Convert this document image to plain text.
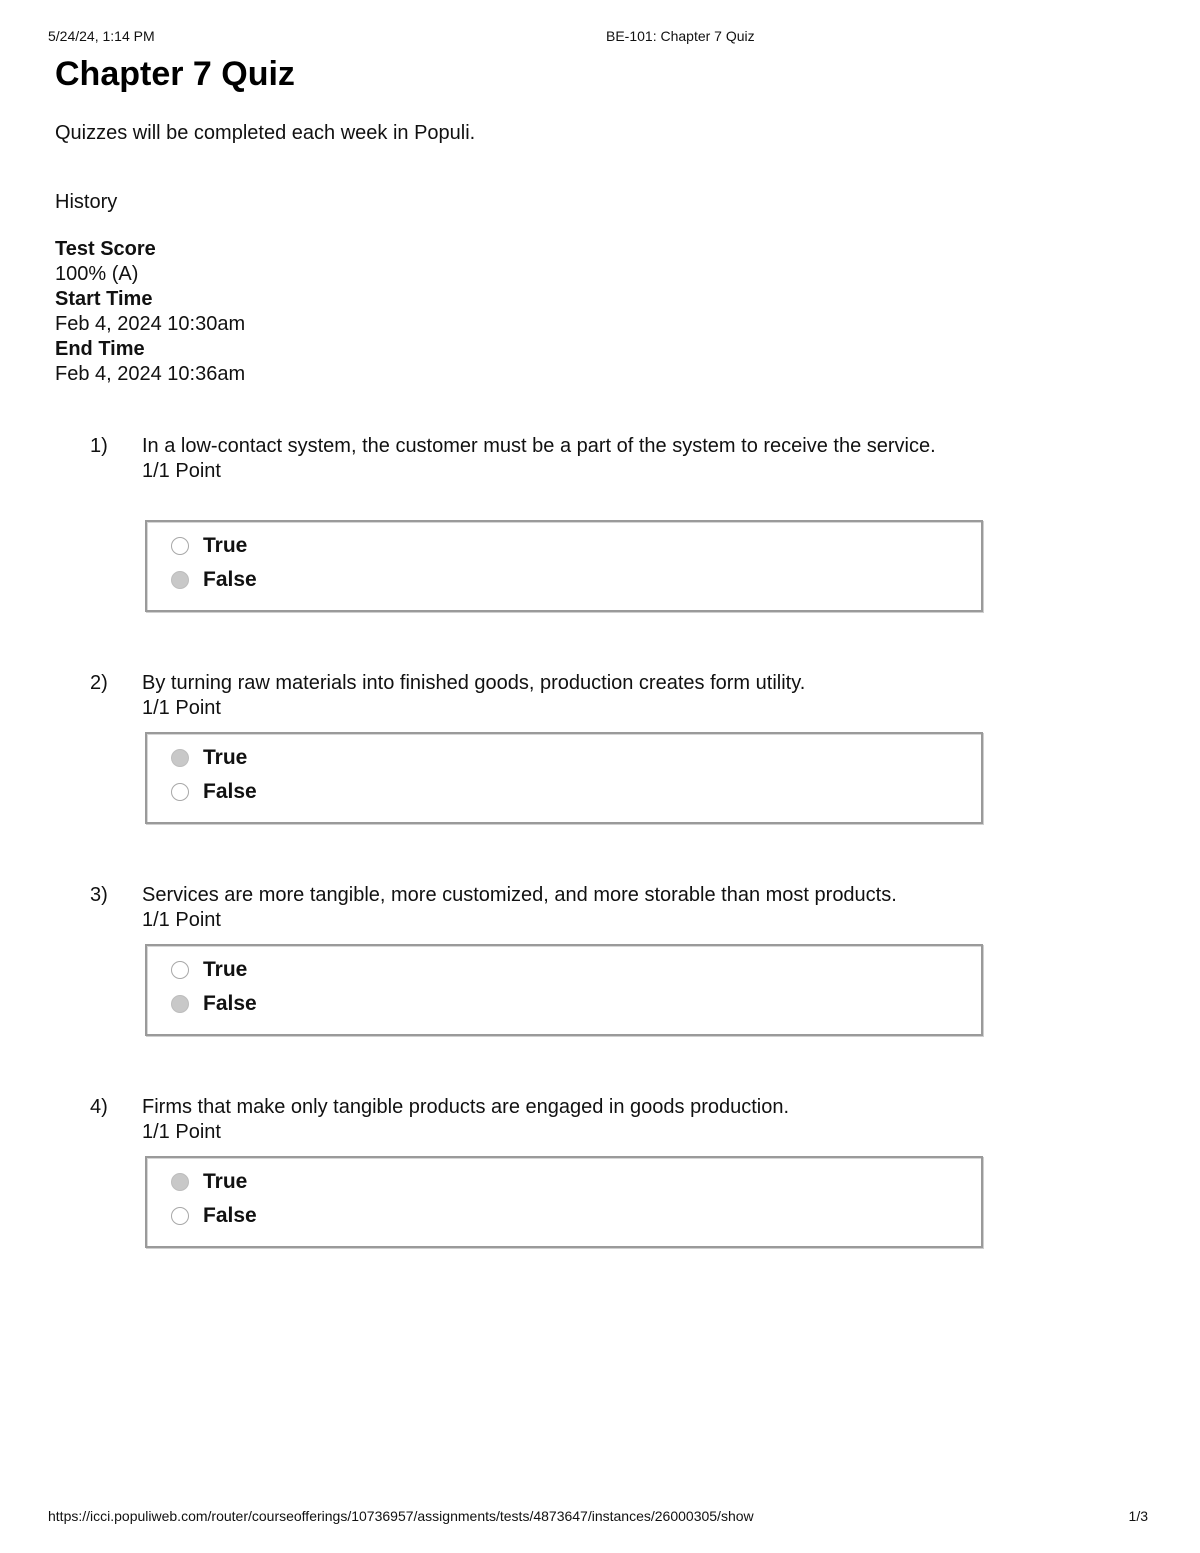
5/24/24, 1:14 PM	BE-101: Chapter 7 Quiz
Chapter 7 Quiz
Quizzes will be completed each week in Populi.
History
Test Score
100% (A)
Start Time
Feb 4, 2024 10:30am
End Time
Feb 4, 2024 10:36am
1) In a low-contact system, the customer must be a part of the system to receive the service.
1/1 Point
True
False
2) By turning raw materials into finished goods, production creates form utility.
1/1 Point
True
False
3) Services are more tangible, more customized, and more storable than most products.
1/1 Point
True
False
4) Firms that make only tangible products are engaged in goods production.
1/1 Point
True
False
https://icci.populiweb.com/router/courseofferings/10736957/assignments/tests/4873647/instances/26000305/show	1/3
